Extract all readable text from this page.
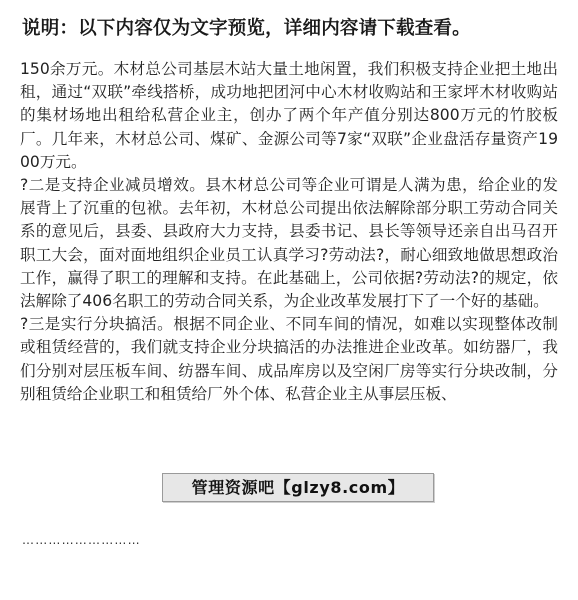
说明：以下内容仅为文字预览，详细内容请下载查看。

150余万元。木材总公司基层木站大量土地闲置，我们积极支持企业把土地出租，通过“双联”牵线搭桥，成功地把团河中心木材收购站和王家坪木材收购站的集材场地出租给私营企业主，创办了两个年产值分别达800万元的竹胶板厂。几年来，木材总公司、煤矿、金源公司等7家“双联”企业盘活存量资产1900万元。

?二是支持企业减员增效。县木材总公司等企业可谓是人满为患，给企业的发展背上了沉重的包袱。去年初，木材总公司提出依法解除部分职工劳动合同关系的意见后，县委、县政府大力支持，县委书记、县长等领导还亲自出马召开职工大会，面对面地组织企业员工认真学习?劳动法?，耐心细致地做思想政治工作，赢得了职工的理解和支持。在此基础上，公司依据?劳动法?的规定，依法解除了406名职工的劳动合同关系，为企业改革发展打下了一个好的基础。

?三是实行分块搞活。根据不同企业、不同车间的情况，如难以实现整体改制或租赁经营的，我们就支持企业分块搞活的办法推进企业改革。如纺器厂，我们分别对层压板车间、纺器车间、成品库房以及空闲厂房等实行分块改制，分别租赁给企业职工和租赁给厂外个体、私营企业主从事层压板、

管理资源吧【glzy8.com】
………………………
